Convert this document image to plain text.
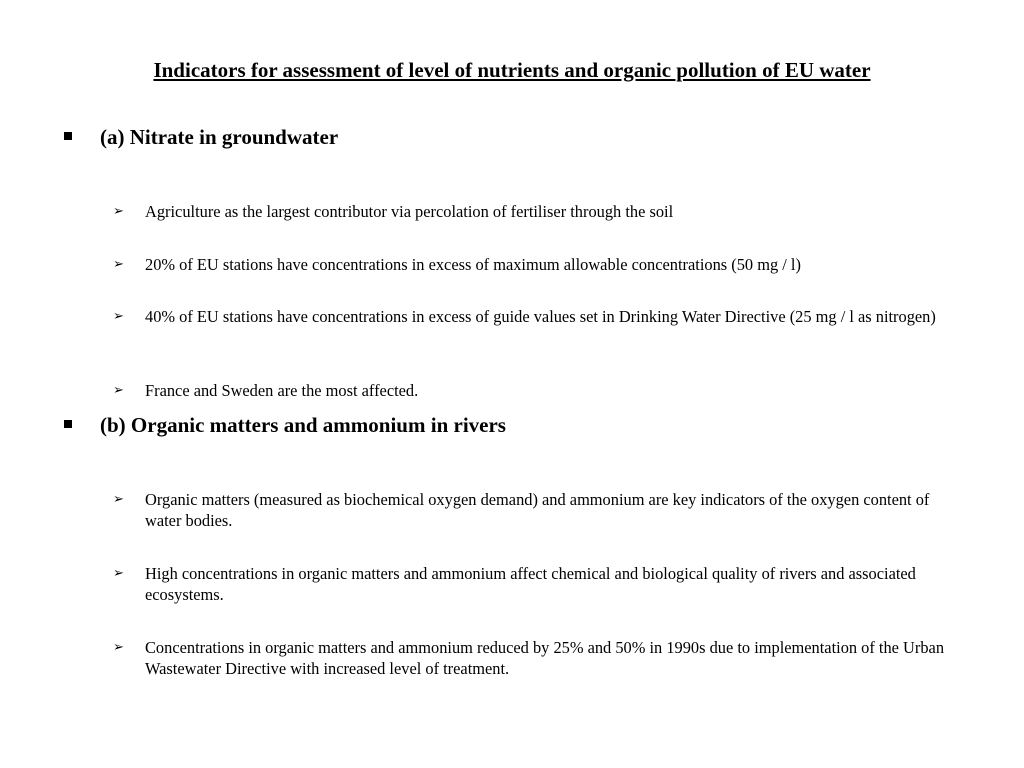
Indicators for assessment of level of nutrients and organic pollution of EU water
(a) Nitrate in groundwater
➢ Agriculture as the largest contributor via percolation of fertiliser through the soil
➢ 20% of EU stations have concentrations in excess of maximum allowable concentrations (50 mg / l)
➢ 40% of EU stations have concentrations in excess of guide values set in Drinking Water Directive (25 mg / l as nitrogen)
➢ France and Sweden are the most affected.
(b) Organic matters and ammonium in rivers
➢ Organic matters (measured as biochemical oxygen demand) and ammonium are key indicators of the oxygen content of water bodies.
➢ High concentrations in organic matters and ammonium affect chemical and biological quality of rivers and associated ecosystems.
➢ Concentrations in organic matters and ammonium reduced by 25% and 50% in 1990s due to implementation of the Urban Wastewater Directive with increased level of treatment.
